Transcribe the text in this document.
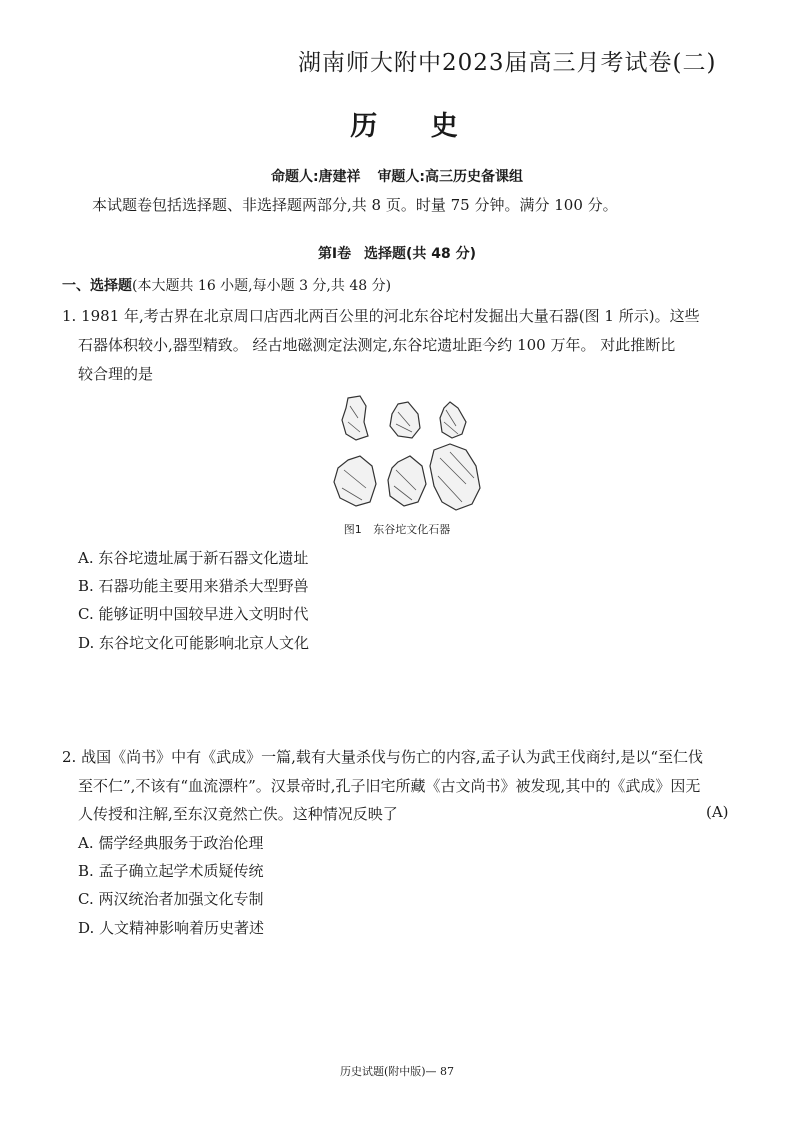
湖南师大附中2023届高三月考试卷(二)
历 史
命题人:唐建祥 审题人:高三历史备课组
本试题卷包括选择题、非选择题两部分,共 8 页。时量 75 分钟。满分 100 分。
第Ⅰ卷 选择题(共 48 分)
一、选择题(本大题共 16 小题,每小题 3 分,共 48 分)
1. 1981 年,考古界在北京周口店西北两百公里的河北东谷坨村发掘出大量石器(图 1 所示)。这些
石器体积较小,器型精致。 经古地磁测定法测定,东谷坨遗址距今约 100 万年。 对此推断比
较合理的是
图1 东谷坨文化石器
A. 东谷坨遗址属于新石器文化遗址
B. 石器功能主要用来猎杀大型野兽
C. 能够证明中国较早进入文明时代
D. 东谷坨文化可能影响北京人文化
2. 战国《尚书》中有《武成》一篇,载有大量杀伐与伤亡的内容,孟子认为武王伐商纣,是以“至仁伐
至不仁”,不该有“血流漂杵”。汉景帝时,孔子旧宅所藏《古文尚书》被发现,其中的《武成》因无
人传授和注解,至东汉竟然亡佚。这种情况反映了	(A)
A. 儒学经典服务于政治伦理
B. 孟子确立起学术质疑传统
C. 两汉统治者加强文化专制
D. 人文精神影响着历史著述
历史试题(附中版)— 87
